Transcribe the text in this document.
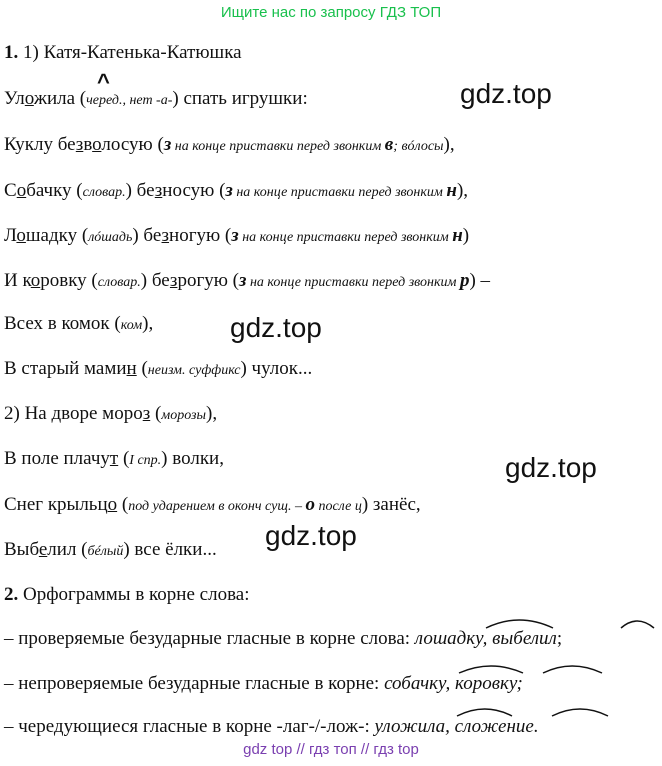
Ищите нас по запросу ГДЗ ТОП
1. 1) Катя-Катенька-Катюшка
^
Уложила (черед., нет -а-) спать игрушки:
Куклу безволосую (з на конце приставки перед звонким в; вóлосы),
Собачку (словар.) безносую (з на конце приставки перед звонким н),
Лошадку (лóшадь) безногую (з на конце приставки перед звонким н)
И коровку (словар.) безрогую (з на конце приставки перед звонким р) –
Всех в комок (ком),
В старый мамин (неизм. суффикс) чулок...
2) На дворе мороз (морозы),
В поле плачут (I спр.) волки,
Снег крыльцо (под ударением в оконч сущ. – о после ц) занёс,
Выбелил (бéлый) все ёлки...
2. Орфограммы в корне слова:
– проверяемые безударные гласные в корне слова: лошадку, выбелил;
– непроверяемые безударные гласные в корне: собачку, коровку;
– чередующиеся гласные в корне -лаг-/-лож-: уложила, сложение.
gdz.top
gdz.top
gdz.top
gdz.top
gdz top // гдз топ // гдз top
